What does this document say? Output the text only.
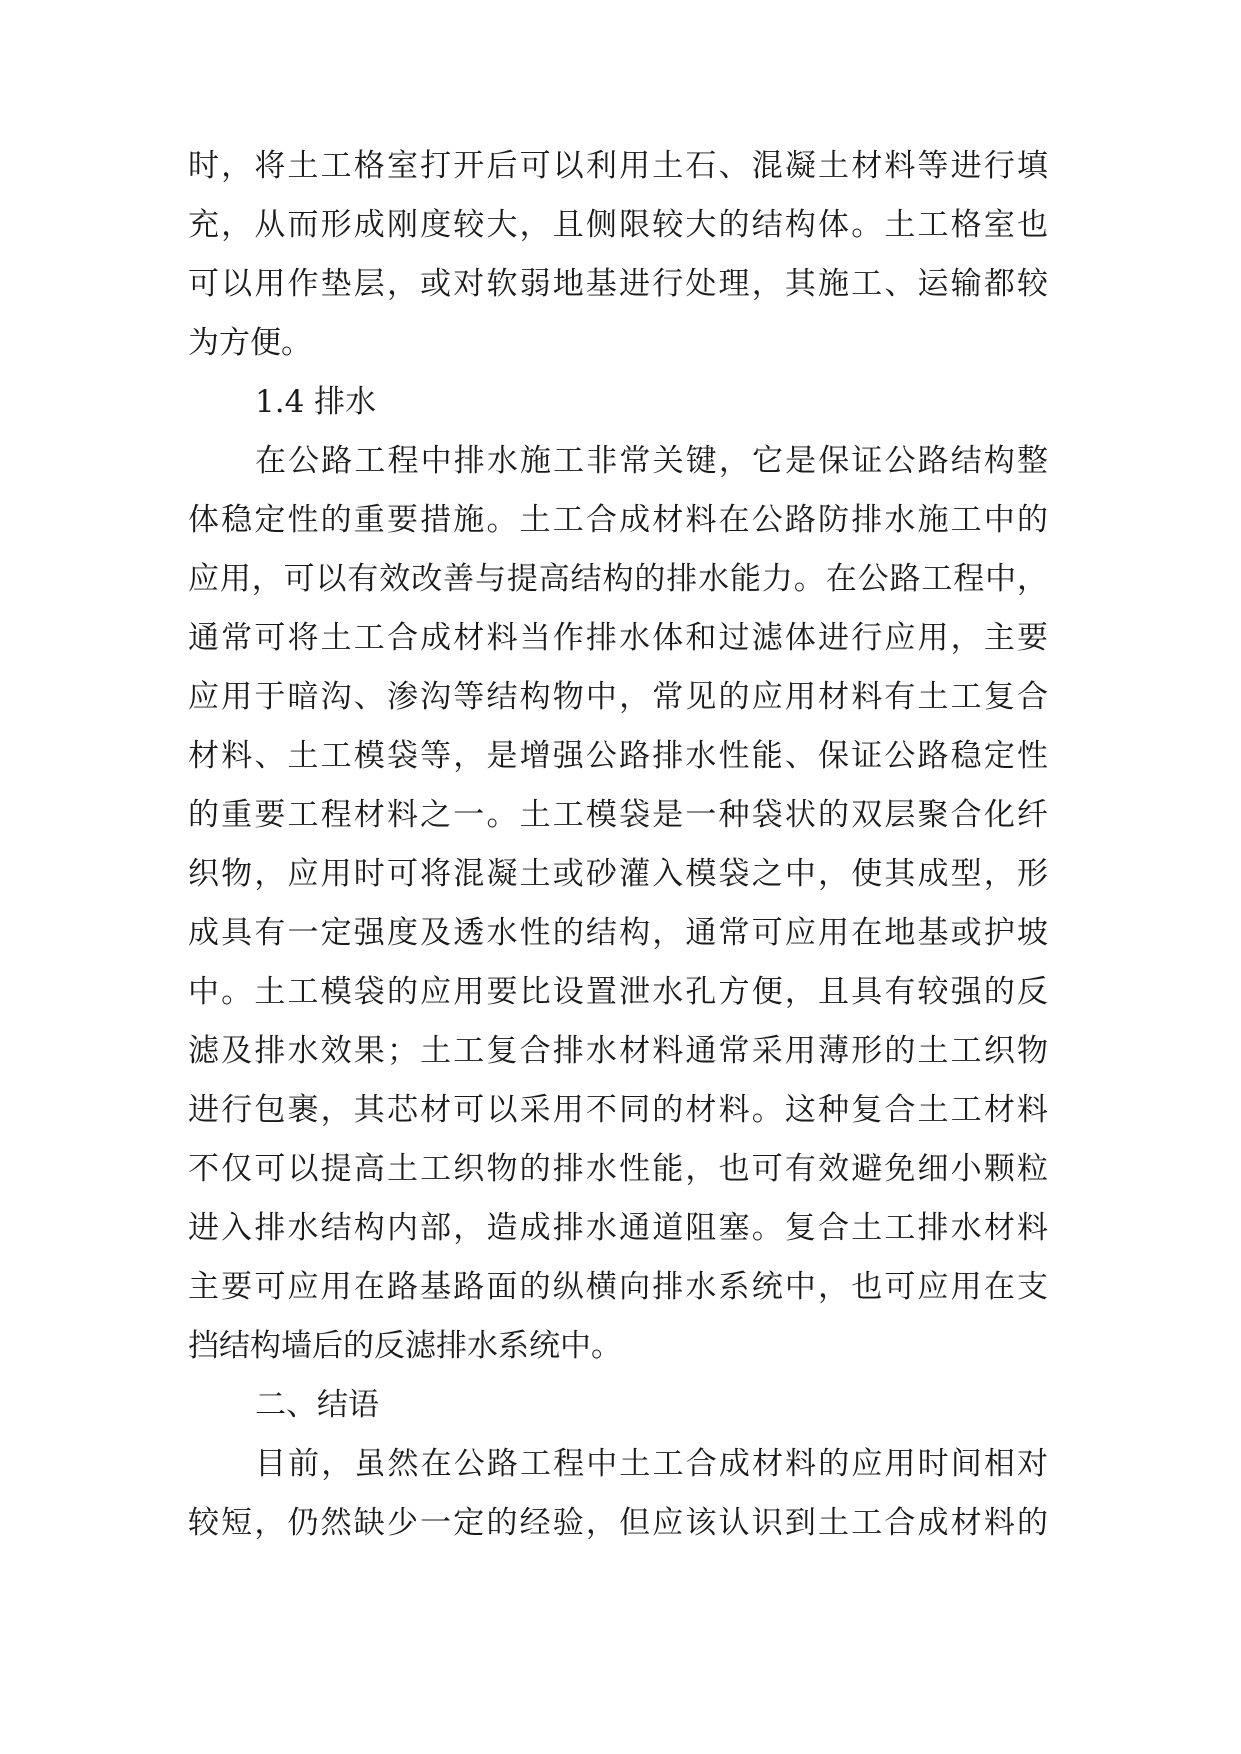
时，将土工格室打开后可以利用土石、混凝土材料等进行填
充，从而形成刚度较大，且侧限较大的结构体。土工格室也
可以用作垫层，或对软弱地基进行处理，其施工、运输都较
为方便。
1.4 排水
在公路工程中排水施工非常关键，它是保证公路结构整
体稳定性的重要措施。土工合成材料在公路防排水施工中的
应用，可以有效改善与提高结构的排水能力。在公路工程中，
通常可将土工合成材料当作排水体和过滤体进行应用，主要
应用于暗沟、渗沟等结构物中，常见的应用材料有土工复合
材料、土工模袋等，是增强公路排水性能、保证公路稳定性
的重要工程材料之一。土工模袋是一种袋状的双层聚合化纤
织物，应用时可将混凝土或砂灌入模袋之中，使其成型，形
成具有一定强度及透水性的结构，通常可应用在地基或护坡
中。土工模袋的应用要比设置泄水孔方便，且具有较强的反
滤及排水效果；土工复合排水材料通常采用薄形的土工织物
进行包裹，其芯材可以采用不同的材料。这种复合土工材料
不仅可以提高土工织物的排水性能，也可有效避免细小颗粒
进入排水结构内部，造成排水通道阻塞。复合土工排水材料
主要可应用在路基路面的纵横向排水系统中，也可应用在支
挡结构墙后的反滤排水系统中。
二、结语
目前，虽然在公路工程中土工合成材料的应用时间相对
较短，仍然缺少一定的经验，但应该认识到土工合成材料的
